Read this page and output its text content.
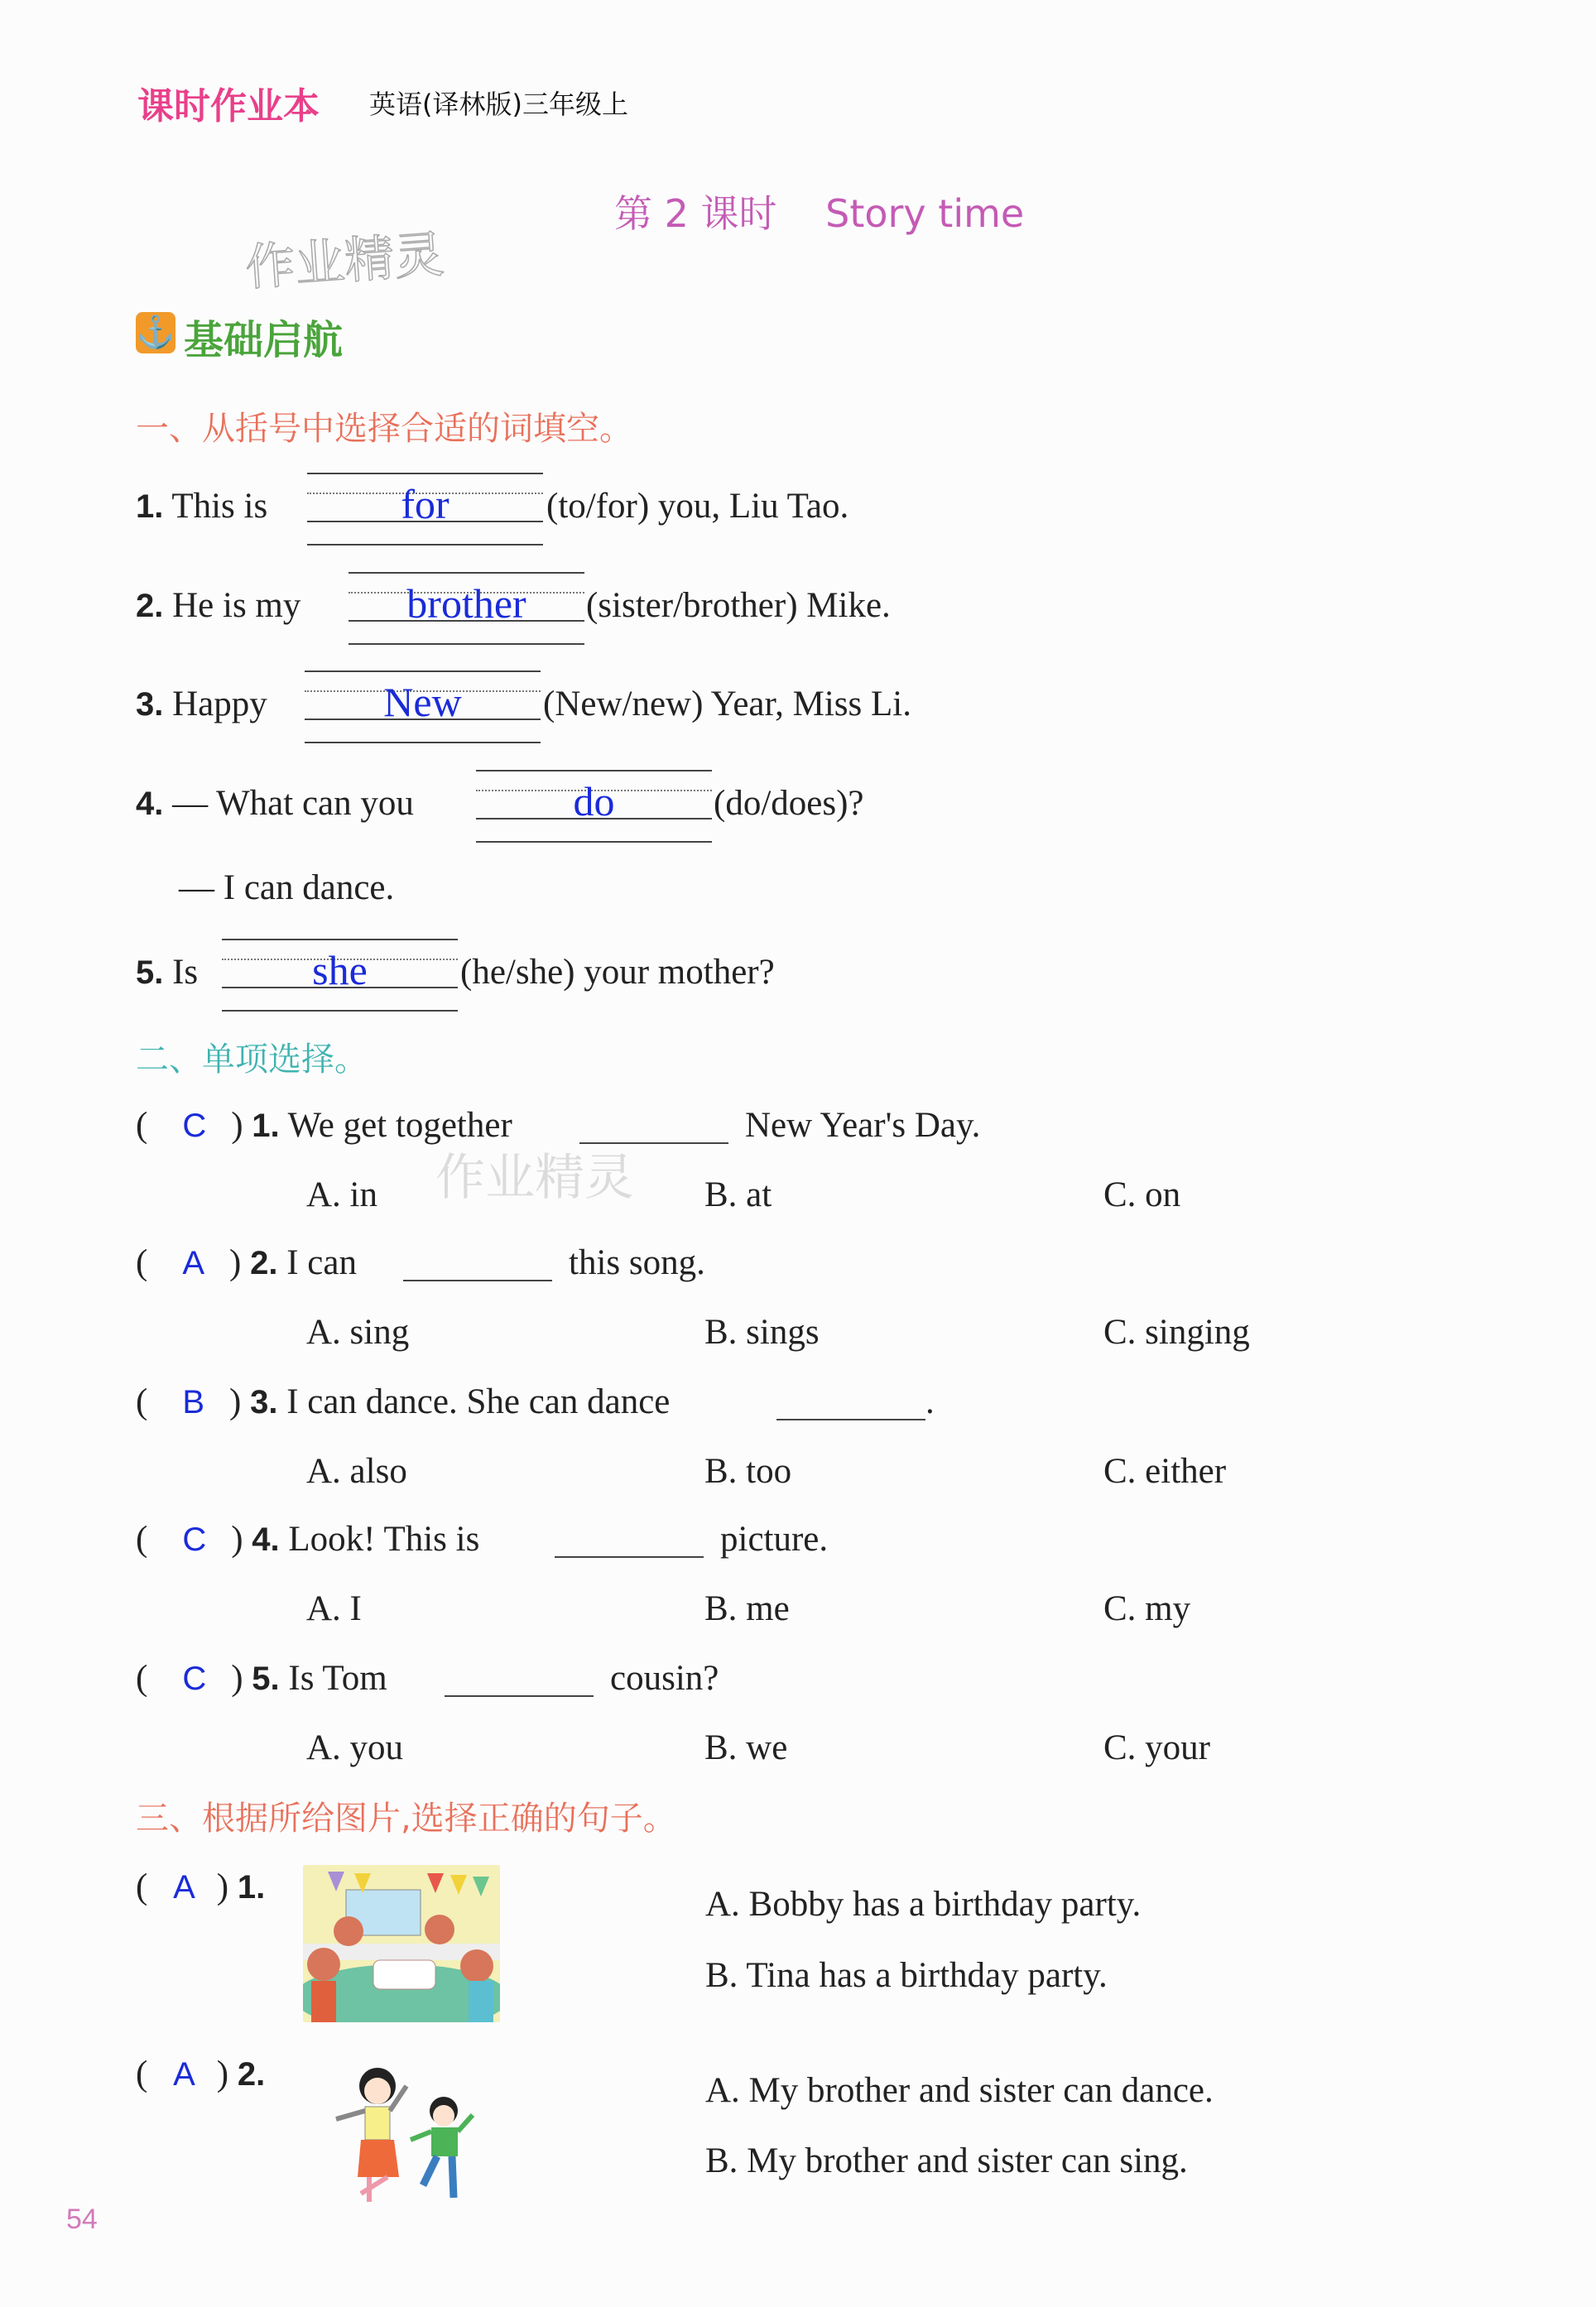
课时作业本 英语(译林版)三年级上
第 2 课时 Story time
作业精灵
⚓ 基础启航
一、从括号中选择合适的词填空。
1. This is	for	(to/for) you, Liu Tao.
2. He is my	brother	(sister/brother) Mike.
3. Happy	New	(New/new) Year, Miss Li.
4. — What can you	do	(do/does)?
— I can dance.
5. Is	she	(he/she) your mother?
二、单项选择。
( C ) 1. We get together	New Year's Day.
A. in	B. at	C. on
( A ) 2. I can	this song.
A. sing	B. sings	C. singing
( B ) 3. I can dance. She can dance	.
A. also	B. too	C. either
( C ) 4. Look! This is	picture.
A. I	B. me	C. my
( C ) 5. Is Tom	cousin?
A. you	B. we	C. your
作业精灵
三、根据所给图片,选择正确的句子。
( A ) 1.	A. Bobby has a birthday party.
B. Tina has a birthday party.
( A ) 2.	A. My brother and sister can dance.
B. My brother and sister can sing.
54
